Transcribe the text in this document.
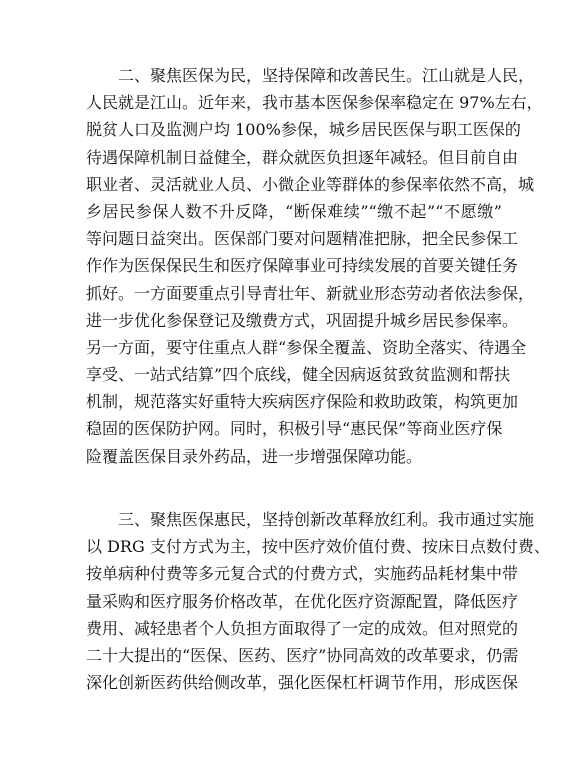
二、聚焦医保为民，坚持保障和改善民生。江山就是人民，
人民就是江山。近年来，我市基本医保参保率稳定在 97%左右，
脱贫人口及监测户均 100%参保，城乡居民医保与职工医保的
待遇保障机制日益健全，群众就医负担逐年减轻。但目前自由
职业者、灵活就业人员、小微企业等群体的参保率依然不高，城
乡居民参保人数不升反降，“断保难续”“缴不起”“不愿缴”
等问题日益突出。医保部门要对问题精准把脉，把全民参保工
作作为医保保民生和医疗保障事业可持续发展的首要关键任务
抓好。一方面要重点引导青壮年、新就业形态劳动者依法参保，
进一步优化参保登记及缴费方式，巩固提升城乡居民参保率。
另一方面，要守住重点人群“参保全覆盖、资助全落实、待遇全
享受、一站式结算”四个底线，健全因病返贫致贫监测和帮扶
机制，规范落实好重特大疾病医疗保险和救助政策，构筑更加
稳固的医保防护网。同时，积极引导“惠民保”等商业医疗保
险覆盖医保目录外药品，进一步增强保障功能。
三、聚焦医保惠民，坚持创新改革释放红利。我市通过实施
以 DRG 支付方式为主，按中医疗效价值付费、按床日点数付费、
按单病种付费等多元复合式的付费方式，实施药品耗材集中带
量采购和医疗服务价格改革，在优化医疗资源配置，降低医疗
费用、减轻患者个人负担方面取得了一定的成效。但对照党的
二十大提出的“医保、医药、医疗”协同高效的改革要求，仍需
深化创新医药供给侧改革，强化医保杠杆调节作用，形成医保
